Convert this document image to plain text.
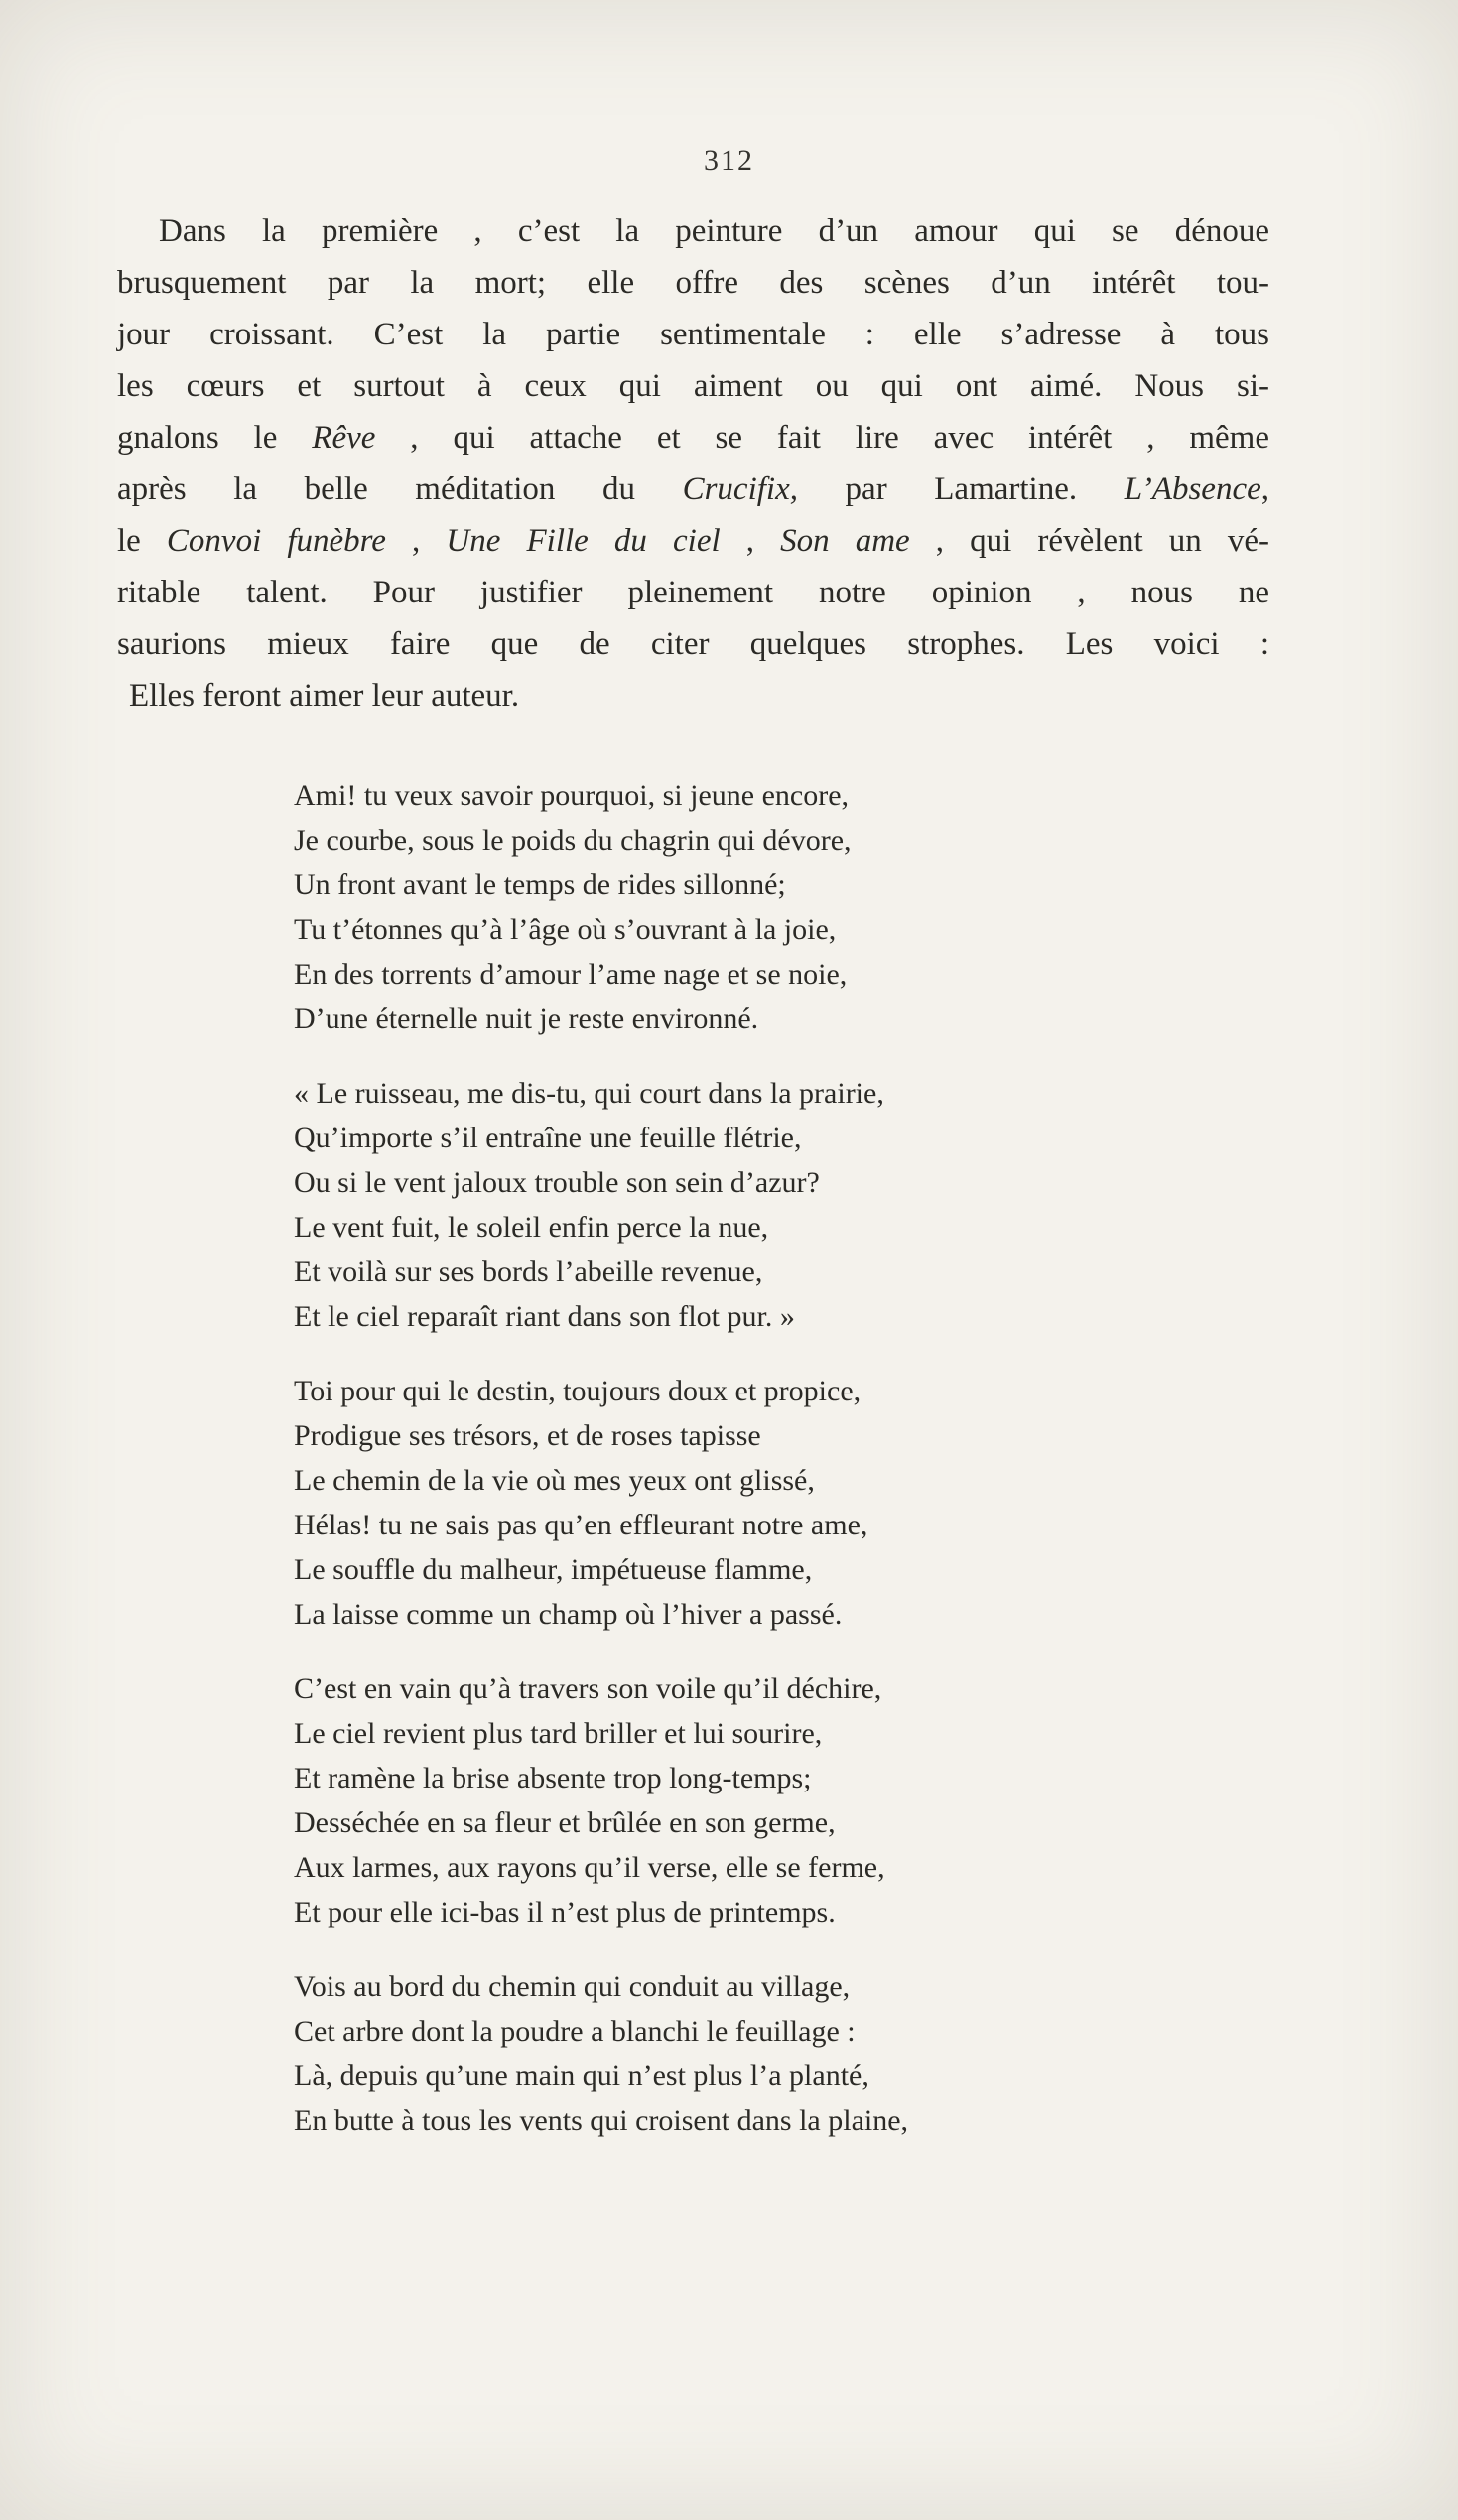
312
Dans la première , c’est la peinture d’un amour qui se dénoue
brusquement par la mort; elle offre des scènes d’un intérêt tou-
jour croissant. C’est la partie sentimentale : elle s’adresse à tous
les cœurs et surtout à ceux qui aiment ou qui ont aimé. Nous si-
gnalons le Rêve , qui attache et se fait lire avec intérêt , même
après la belle méditation du Crucifix, par Lamartine. L’Absence,
le Convoi funèbre , Une Fille du ciel , Son ame , qui révèlent un vé-
ritable talent. Pour justifier pleinement notre opinion , nous ne
saurions mieux faire que de citer quelques strophes. Les voici :
Elles feront aimer leur auteur.
Ami! tu veux savoir pourquoi, si jeune encore,
Je courbe, sous le poids du chagrin qui dévore,
Un front avant le temps de rides sillonné;
Tu t’étonnes qu’à l’âge où s’ouvrant à la joie,
En des torrents d’amour l’ame nage et se noie,
D’une éternelle nuit je reste environné.
« Le ruisseau, me dis-tu, qui court dans la prairie,
Qu’importe s’il entraîne une feuille flétrie,
Ou si le vent jaloux trouble son sein d’azur?
Le vent fuit, le soleil enfin perce la nue,
Et voilà sur ses bords l’abeille revenue,
Et le ciel reparaît riant dans son flot pur. »
Toi pour qui le destin, toujours doux et propice,
Prodigue ses trésors, et de roses tapisse
Le chemin de la vie où mes yeux ont glissé,
Hélas! tu ne sais pas qu’en effleurant notre ame,
Le souffle du malheur, impétueuse flamme,
La laisse comme un champ où l’hiver a passé.
C’est en vain qu’à travers son voile qu’il déchire,
Le ciel revient plus tard briller et lui sourire,
Et ramène la brise absente trop long-temps;
Desséchée en sa fleur et brûlée en son germe,
Aux larmes, aux rayons qu’il verse, elle se ferme,
Et pour elle ici-bas il n’est plus de printemps.
Vois au bord du chemin qui conduit au village,
Cet arbre dont la poudre a blanchi le feuillage :
Là, depuis qu’une main qui n’est plus l’a planté,
En butte à tous les vents qui croisent dans la plaine,
